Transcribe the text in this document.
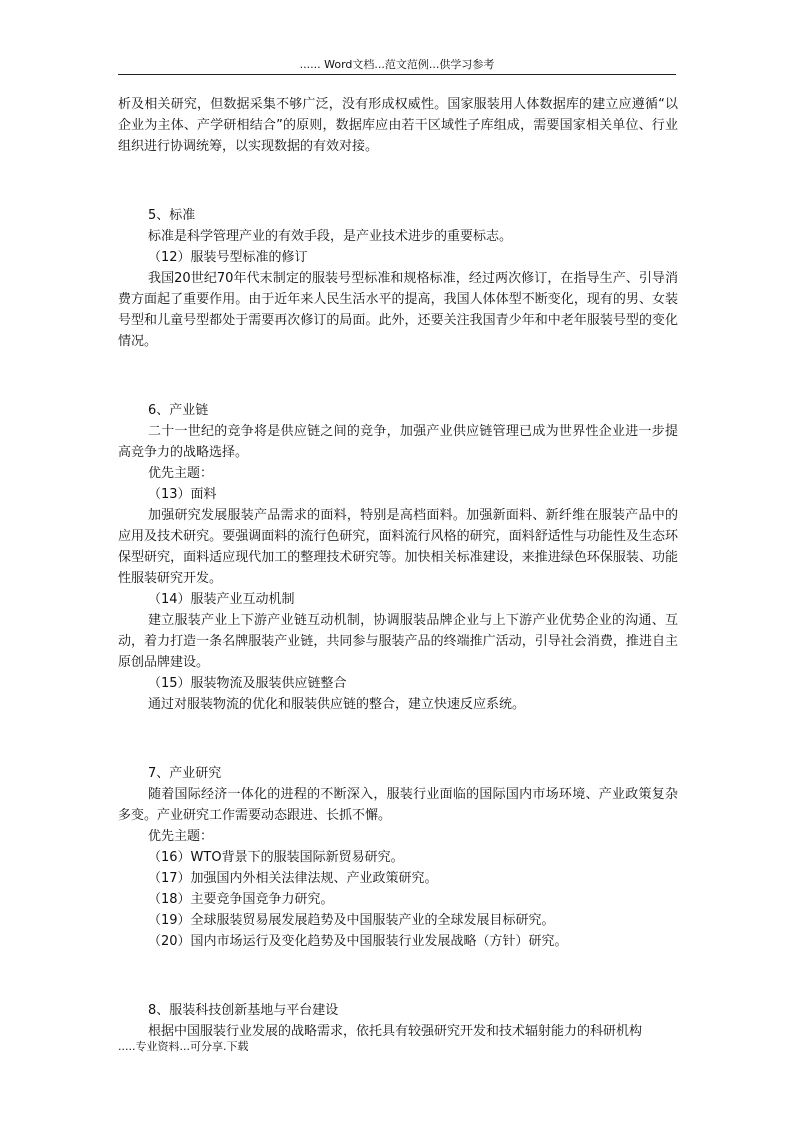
...... Word文档...范文范例...供学习参考

析及相关研究，但数据采集不够广泛，没有形成权威性。国家服装用人体数据库的建立应遵循“以企业为主体、产学研相结合”的原则，数据库应由若干区域性子库组成，需要国家相关单位、行业组织进行协调统筹，以实现数据的有效对接。

5、标准

标准是科学管理产业的有效手段，是产业技术进步的重要标志。

（12）服装号型标准的修订

我国20世纪70年代末制定的服装号型标准和规格标准，经过两次修订，在指导生产、引导消费方面起了重要作用。由于近年来人民生活水平的提高，我国人体体型不断变化，现有的男、女装号型和儿童号型都处于需要再次修订的局面。此外，还要关注我国青少年和中老年服装号型的变化情况。

6、产业链

二十一世纪的竞争将是供应链之间的竞争，加强产业供应链管理已成为世界性企业进一步提高竞争力的战略选择。

优先主题：

（13）面料

加强研究发展服装产品需求的面料，特别是高档面料。加强新面料、新纤维在服装产品中的应用及技术研究。要强调面料的流行色研究，面料流行风格的研究，面料舒适性与功能性及生态环保型研究，面料适应现代加工的整理技术研究等。加快相关标准建设，来推进绿色环保服装、功能性服装研究开发。

（14）服装产业互动机制

建立服装产业上下游产业链互动机制，协调服装品牌企业与上下游产业优势企业的沟通、互动，着力打造一条名牌服装产业链，共同参与服装产品的终端推广活动，引导社会消费，推进自主原创品牌建设。

（15）服装物流及服装供应链整合

通过对服装物流的优化和服装供应链的整合，建立快速反应系统。

7、产业研究

随着国际经济一体化的进程的不断深入，服装行业面临的国际国内市场环境、产业政策复杂多变。产业研究工作需要动态跟进、长抓不懈。

优先主题：

（16）WTO背景下的服装国际新贸易研究。

（17）加强国内外相关法律法规、产业政策研究。

（18）主要竞争国竞争力研究。

（19）全球服装贸易展发展趋势及中国服装产业的全球发展目标研究。

（20）国内市场运行及变化趋势及中国服装行业发展战略（方针）研究。

8、服装科技创新基地与平台建设

根据中国服装行业发展的战略需求，依托具有较强研究开发和技术辐射能力的科研机构

.....专业资料...可分享.下载
